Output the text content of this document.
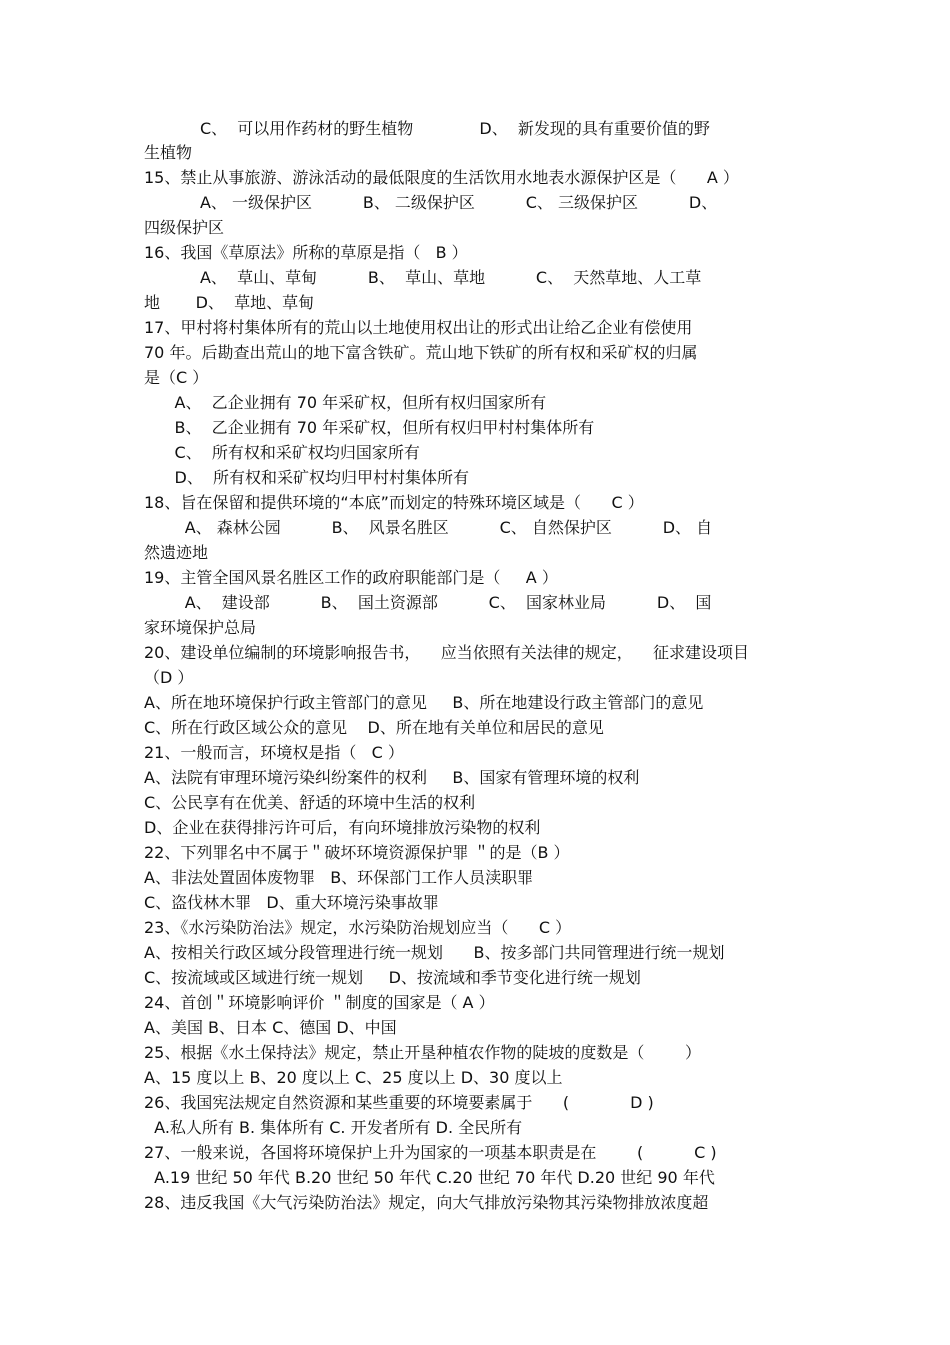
C、  可以用作药材的野生植物             D、  新发现的具有重要价值的野
生植物
15、禁止从事旅游、游泳活动的最低限度的生活饮用水地表水源保护区是（      A ）
A、 一级保护区          B、 二级保护区          C、 三级保护区          D、
四级保护区
16、我国《草原法》所称的草原是指（   B ）
A、  草山、草甸          B、  草山、草地          C、  天然草地、人工草
地       D、  草地、草甸
17、甲村将村集体所有的荒山以土地使用权出让的形式出让给乙企业有偿使用
70 年。后勘查出荒山的地下富含铁矿。荒山地下铁矿的所有权和采矿权的归属
是（C ）
A、  乙企业拥有 70 年采矿权，但所有权归国家所有
B、  乙企业拥有 70 年采矿权，但所有权归甲村村集体所有
C、  所有权和采矿权均归国家所有
D、  所有权和采矿权均归甲村村集体所有
18、旨在保留和提供环境的“本底”而划定的特殊环境区域是（      C ）
A、 森林公园          B、  风景名胜区          C、 自然保护区          D、 自
然遗迹地
19、主管全国风景名胜区工作的政府职能部门是（     A ）
A、  建设部          B、  国土资源部          C、  国家林业局          D、  国
家环境保护总局
20、建设单位编制的环境影响报告书，    应当依照有关法律的规定，    征求建设项目
（D ）
A、所在地环境保护行政主管部门的意见     B、所在地建设行政主管部门的意见
C、所在行政区域公众的意见    D、所在地有关单位和居民的意见
21、一般而言，环境权是指（   C ）
A、法院有审理环境污染纠纷案件的权利     B、国家有管理环境的权利
C、公民享有在优美、舒适的环境中生活的权利
D、企业在获得排污许可后，有向环境排放污染物的权利
22、下列罪名中不属于＂破坏环境资源保护罪 ＂的是（B ）
A、非法处置固体废物罪   B、环保部门工作人员渎职罪
C、盗伐林木罪   D、重大环境污染事故罪
23、《水污染防治法》规定，水污染防治规划应当（      C ）
A、按相关行政区域分段管理进行统一规划      B、按多部门共同管理进行统一规划
C、按流域或区域进行统一规划     D、按流域和季节变化进行统一规划
24、首创＂环境影响评价 ＂制度的国家是（ A ）
A、美国 B、日本 C、德国 D、中国
25、根据《水土保持法》规定，禁止开垦种植农作物的陡坡的度数是（        ）
A、15 度以上 B、20 度以上 C、25 度以上 D、30 度以上
26、我国宪法规定自然资源和某些重要的环境要素属于      (            D )
A.私人所有 B. 集体所有 C. 开发者所有 D. 全民所有
27、一般来说，各国将环境保护上升为国家的一项基本职责是在        (          C )
A.19 世纪 50 年代 B.20 世纪 50 年代 C.20 世纪 70 年代 D.20 世纪 90 年代
28、违反我国《大气污染防治法》规定，向大气排放污染物其污染物排放浓度超
